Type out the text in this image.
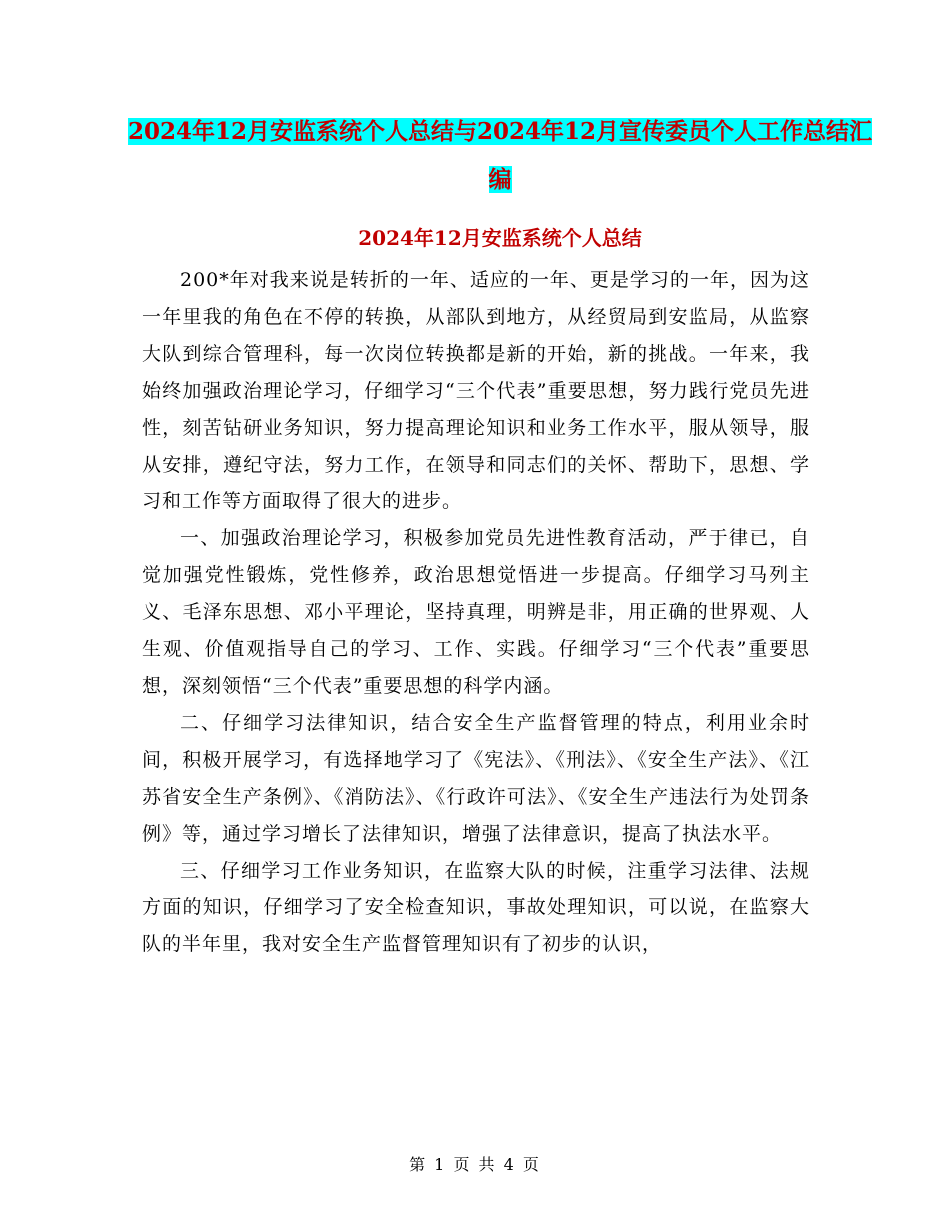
2024年12月安监系统个人总结与2024年12月宣传委员个人工作总结汇编
2024年12月安监系统个人总结

200*年对我来说是转折的一年、适应的一年、更是学习的一年，因为这一年里我的角色在不停的转换，从部队到地方，从经贸局到安监局，从监察大队到综合管理科，每一次岗位转换都是新的开始，新的挑战。一年来，我始终加强政治理论学习，仔细学习“三个代表”重要思想，努力践行党员先进性，刻苦钻研业务知识，努力提高理论知识和业务工作水平，服从领导，服从安排，遵纪守法，努力工作，在领导和同志们的关怀、帮助下，思想、学习和工作等方面取得了很大的进步。

一、加强政治理论学习，积极参加党员先进性教育活动，严于律已，自觉加强党性锻炼，党性修养，政治思想觉悟进一步提高。仔细学习马列主义、毛泽东思想、邓小平理论，坚持真理，明辨是非，用正确的世界观、人生观、价值观指导自己的学习、工作、实践。仔细学习“三个代表”重要思想，深刻领悟“三个代表”重要思想的科学内涵。

二、仔细学习法律知识，结合安全生产监督管理的特点，利用业余时间，积极开展学习，有选择地学习了《宪法》、《刑法》、《安全生产法》、《江苏省安全生产条例》、《消防法》、《行政许可法》、《安全生产违法行为处罚条例》等，通过学习增长了法律知识，增强了法律意识，提高了执法水平。

三、仔细学习工作业务知识，在监察大队的时候，注重学习法律、法规方面的知识，仔细学习了安全检查知识，事故处理知识，可以说，在监察大队的半年里，我对安全生产监督管理知识有了初步的认识，

第 1 页 共 4 页
